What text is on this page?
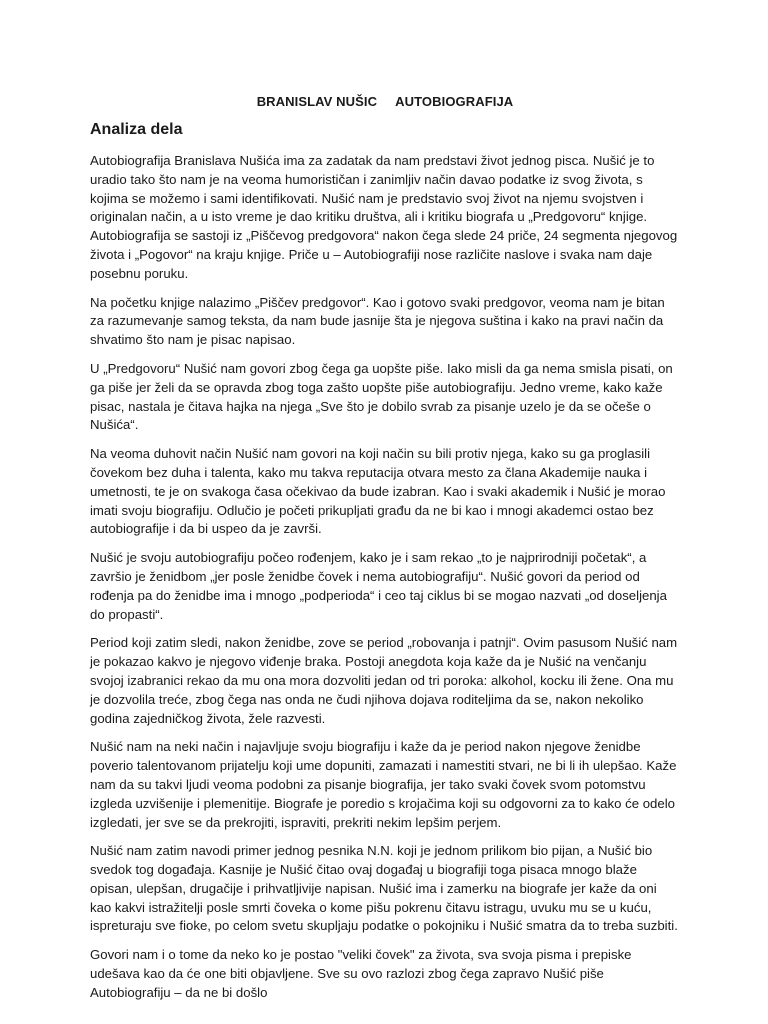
BRANISLAV NUŠIC AUTOBIOGRAFIJA
Analiza dela

Autobiografija Branislava Nušića ima za zadatak da nam predstavi život jednog pisca. Nušić je to uradio tako što nam je na veoma humorističan i zanimljiv način davao podatke iz svog života, s kojima se možemo i sami identifikovati. Nušić nam je predstavio svoj život na njemu svojstven i originalan način, a u isto vreme je dao kritiku društva, ali i kritiku biografa u „Predgovoru“ knjige. Autobiografija se sastoji iz „Piščevog predgovora“ nakon čega slede 24 priče, 24 segmenta njegovog života i „Pogovor“ na kraju knjige. Priče u – Autobiografiji nose različite naslove i svaka nam daje posebnu poruku.

Na početku knjige nalazimo „Piščev predgovor“. Kao i gotovo svaki predgovor, veoma nam je bitan za razumevanje samog teksta, da nam bude jasnije šta je njegova suština i kako na pravi način da shvatimo što nam je pisac napisao.

U „Predgovoru“ Nušić nam govori zbog čega ga uopšte piše. Iako misli da ga nema smisla pisati, on ga piše jer želi da se opravda zbog toga zašto uopšte piše autobiografiju. Jedno vreme, kako kaže pisac, nastala je čitava hajka na njega „Sve što je dobilo svrab za pisanje uzelo je da se očeše o Nušića“.

Na veoma duhovit način Nušić nam govori na koji način su bili protiv njega, kako su ga proglasili čovekom bez duha i talenta, kako mu takva reputacija otvara mesto za člana Akademije nauka i umetnosti, te je on svakoga časa očekivao da bude izabran. Kao i svaki akademik i Nušić je morao imati svoju biografiju. Odlučio je početi prikupljati građu da ne bi kao i mnogi akademci ostao bez autobiografije i da bi uspeo da je završi.

Nušić je svoju autobiografiju počeo rođenjem, kako je i sam rekao „to je najprirodniji početak“, a završio je ženidbom „jer posle ženidbe čovek i nema autobiografiju“. Nušić govori da period od rođenja pa do ženidbe ima i mnogo „podperioda“ i ceo taj ciklus bi se mogao nazvati „od doseljenja do propasti“.

Period koji zatim sledi, nakon ženidbe, zove se period „robovanja i patnji“. Ovim pasusom Nušić nam je pokazao kakvo je njegovo viđenje braka. Postoji anegdota koja kaže da je Nušić na venčanju svojoj izabranici rekao da mu ona mora dozvoliti jedan od tri poroka: alkohol, kocku ili žene. Ona mu je dozvolila treće, zbog čega nas onda ne čudi njihova dojava roditeljima da se, nakon nekoliko godina zajedničkog života, žele razvesti.

Nušić nam na neki način i najavljuje svoju biografiju i kaže da je period nakon njegove ženidbe poverio talentovanom prijatelju koji ume dopuniti, zamazati i namestiti stvari, ne bi li ih ulepšao. Kaže nam da su takvi ljudi veoma podobni za pisanje biografija, jer tako svaki čovek svom potomstvu izgleda uzvišenije i plemenitije. Biografe je poredio s krojačima koji su odgovorni za to kako će odelo izgledati, jer sve se da prekrojiti, ispraviti, prekriti nekim lepšim perjem.

Nušić nam zatim navodi primer jednog pesnika N.N. koji je jednom prilikom bio pijan, a Nušić bio svedok tog događaja. Kasnije je Nušić čitao ovaj događaj u biografiji toga pisaca mnogo blaže opisan, ulepšan, drugačije i prihvatljivije napisan. Nušić ima i zamerku na biografe jer kaže da oni kao kakvi istražitelji posle smrti čoveka o kome pišu pokrenu čitavu istragu, uvuku mu se u kuću, ispreturaju sve fioke, po celom svetu skupljaju podatke o pokojniku i Nušić smatra da to treba suzbiti.

Govori nam i o tome da neko ko je postao "veliki čovek" za života, sva svoja pisma i prepiske udešava kao da će one biti objavljene. Sve su ovo razlozi zbog čega zapravo Nušić piše Autobiografiju – da ne bi došlo
